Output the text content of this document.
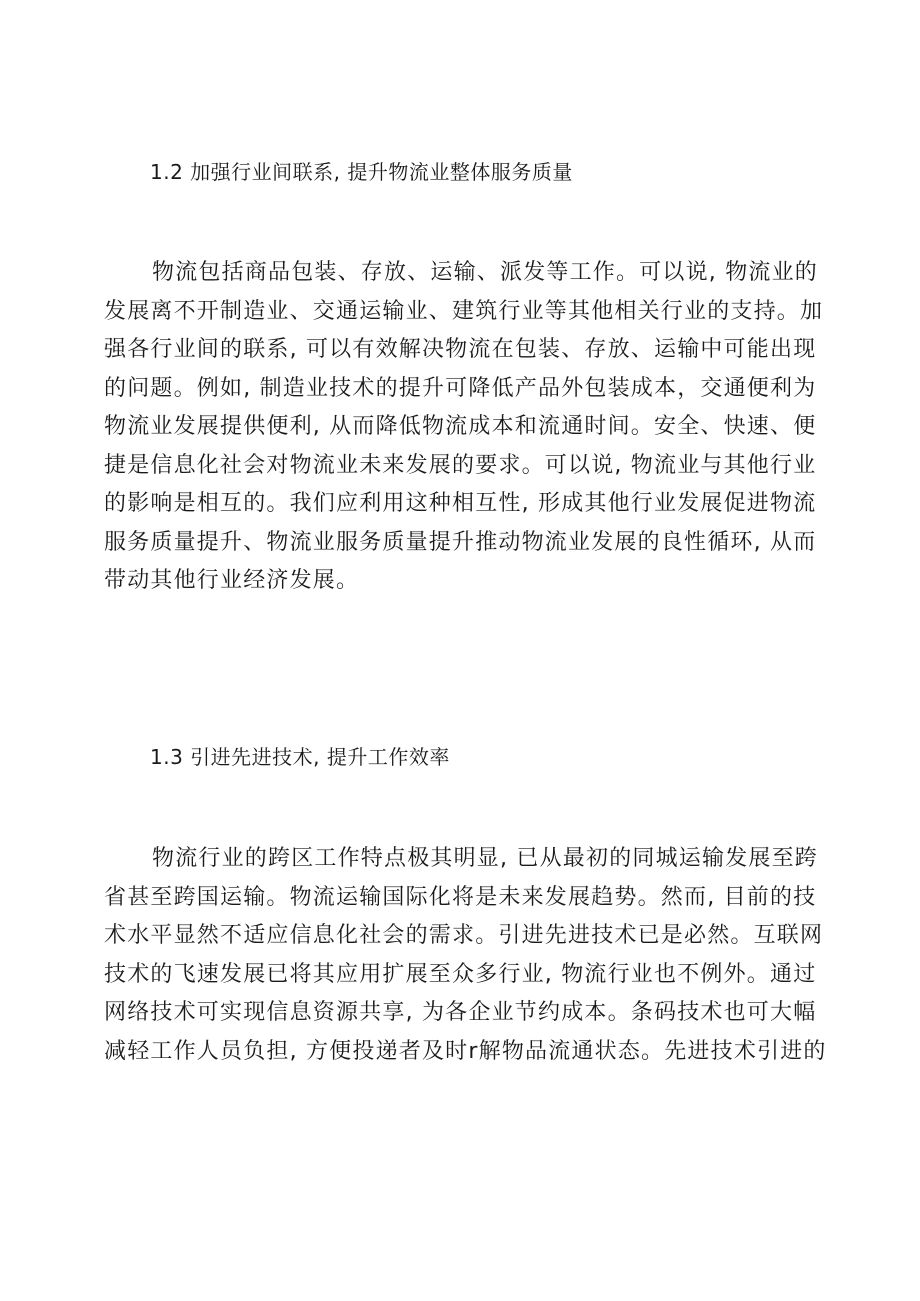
1.2 加强行业间联系, 提升物流业整体服务质量
物流包括商品包装、存放、运输、派发等工作。可以说, 物流业的
发展离不开制造业、交通运输业、建筑行业等其他相关行业的支持。加
强各行业间的联系, 可以有效解决物流在包装、存放、运输中可能出现
的问题。例如, 制造业技术的提升可降低产品外包装成本，交通便利为
物流业发展提供便利, 从而降低物流成本和流通时间。安全、快速、便
捷是信息化社会对物流业未来发展的要求。可以说, 物流业与其他行业
的影响是相互的。我们应利用这种相互性, 形成其他行业发展促进物流
服务质量提升、物流业服务质量提升推动物流业发展的良性循环, 从而
带动其他行业经济发展。
1.3 引进先进技术, 提升工作效率
物流行业的跨区工作特点极其明显, 已从最初的同城运输发展至跨
省甚至跨国运输。物流运输国际化将是未来发展趋势。然而, 目前的技
术水平显然不适应信息化社会的需求。引进先进技术已是必然。互联网
技术的飞速发展已将其应用扩展至众多行业, 物流行业也不例外。通过
网络技术可实现信息资源共享, 为各企业节约成本。条码技术也可大幅
减轻工作人员负担, 方便投递者及时r解物品流通状态。先进技术引进的
